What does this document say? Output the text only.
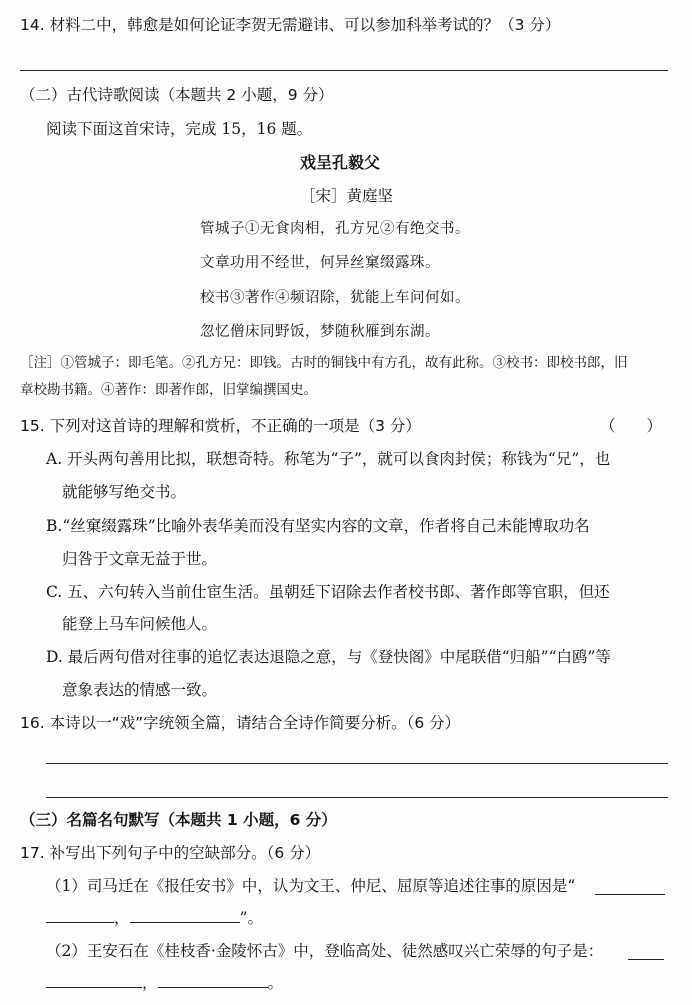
14. 材料二中，韩愈是如何论证李贺无需避讳、可以参加科举考试的？（3 分）
（二）古代诗歌阅读（本题共 2 小题，9 分）
阅读下面这首宋诗，完成 15，16 题。
戏呈孔毅父
［宋］黄庭坚
管城子①无食肉相，孔方兄②有绝交书。
文章功用不经世，何异丝窠缀露珠。
校书③著作④频诏除，犹能上车问何如。
忽忆僧床同野饭，梦随秋雁到东湖。
［注］①管城子：即毛笔。②孔方兄：即钱。古时的铜钱中有方孔，故有此称。③校书：即校书郎，旧
章校勘书籍。④著作：即著作郎，旧掌编撰国史。
15. 下列对这首诗的理解和赏析，不正确的一项是（3 分）	（　　）
A. 开头两句善用比拟，联想奇特。称笔为“子”，就可以食肉封侯；称钱为“兄”，也
就能够写绝交书。
B.“丝窠缀露珠”比喻外表华美而没有坚实内容的文章，作者将自己未能博取功名
归咎于文章无益于世。
C. 五、六句转入当前仕宦生活。虽朝廷下诏除去作者校书郎、著作郎等官职，但还
能登上马车问候他人。
D. 最后两句借对往事的追忆表达退隐之意，与《登快阁》中尾联借“归船”“白鸥”等
意象表达的情感一致。
16. 本诗以一“戏”字统领全篇，请结合全诗作简要分析。（6 分）
（三）名篇名句默写（本题共 1 小题，6 分）
17. 补写出下列句子中的空缺部分。（6 分）
（1）司马迁在《报任安书》中，认为文王、仲尼、屈原等追述往事的原因是“
，	”。
（2）王安石在《桂枝香·金陵怀古》中，登临高处、徒然感叹兴亡荣辱的句子是：
，	。
